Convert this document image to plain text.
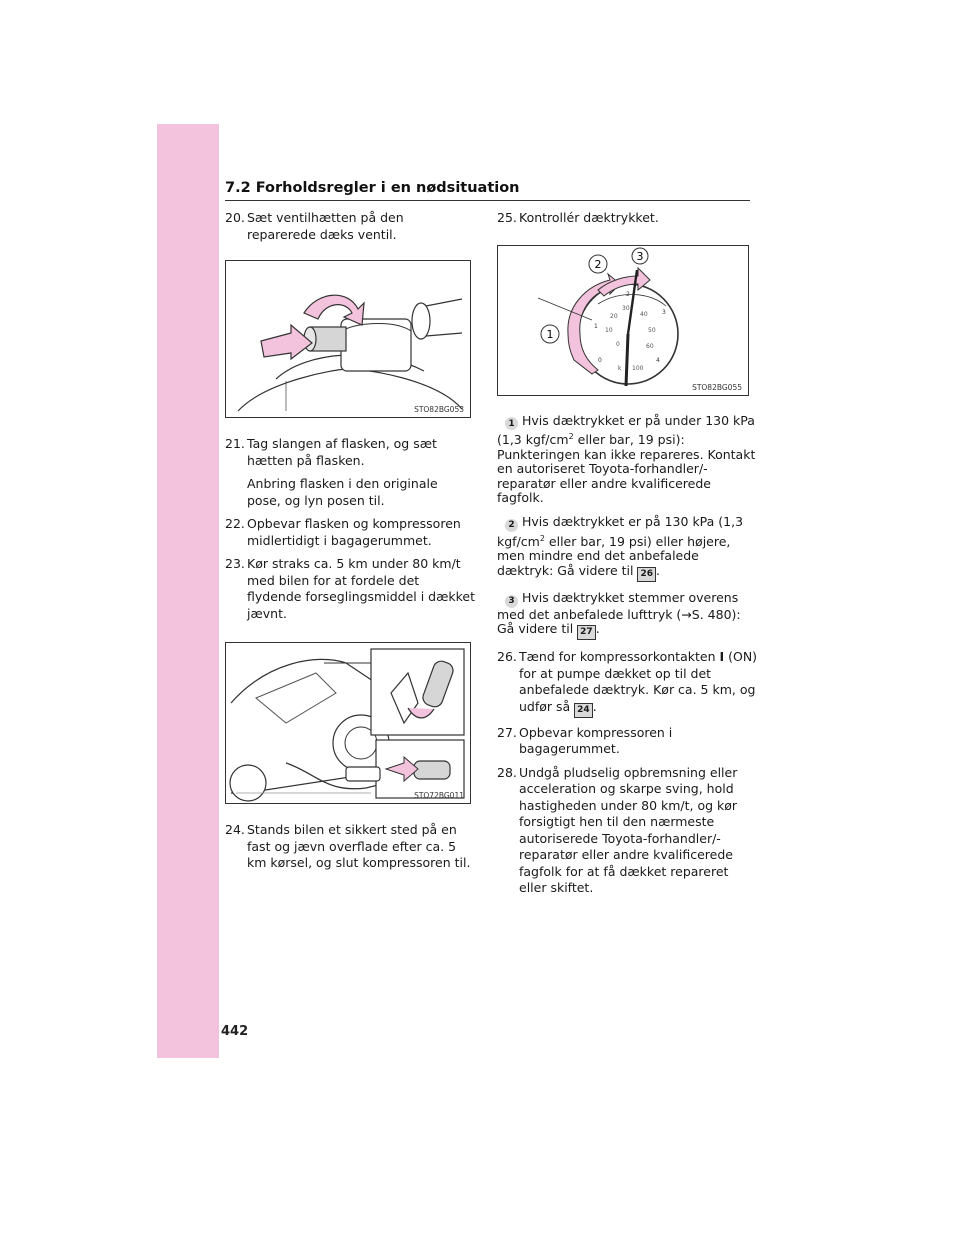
7.2 Forholdsregler i en nødsituation
20. Sæt ventilhætten på den reparerede dæks ventil.
STO82BG053
21. Tag slangen af flasken, og sæt hætten på flasken.
Anbring flasken i den originale pose, og lyn posen til.
22. Opbevar flasken og kompressoren midlertidigt i bagagerummet.
23. Kør straks ca. 5 km under 80 km/t med bilen for at fordele det flydende forseglingsmiddel i dækket jævnt.
STO72BG011
24. Stands bilen et sikkert sted på en fast og jævn overflade efter ca. 5 km kørsel, og slut kompressoren til.
25. Kontrollér dæktrykket.
1
2
3
0
10
20
30
40
50
60
k 100
0
1
2
3
4
STO82BG055
1 Hvis dæktrykket er på under 130 kPa (1,3 kgf/$cm^2$ eller bar, 19 psi): Punkteringen kan ikke repareres. Kontakt en autoriseret Toyota-forhandler/-reparatør eller andre kvalificerede fagfolk.
2 Hvis dæktrykket er på 130 kPa (1,3 kgf/$cm^2$ eller bar, 19 psi) eller højere, men mindre end det anbefalede dæktryk: Gå videre til 26 .
3 Hvis dæktrykket stemmer overens med det anbefalede lufttryk (→S. 480): Gå videre til 27 .
26. Tænd for kompressorkontakten I (ON) for at pumpe dækket op til det anbefalede dæktryk. Kør ca. 5 km, og udfør så 24 .
27. Opbevar kompressoren i bagagerummet.
28. Undgå pludselig opbremsning eller acceleration og skarpe sving, hold hastigheden under 80 km/t, og kør forsigtigt hen til den nærmeste autoriserede Toyota-forhandler/-reparatør eller andre kvalificerede fagfolk for at få dækket repareret eller skiftet.
442
